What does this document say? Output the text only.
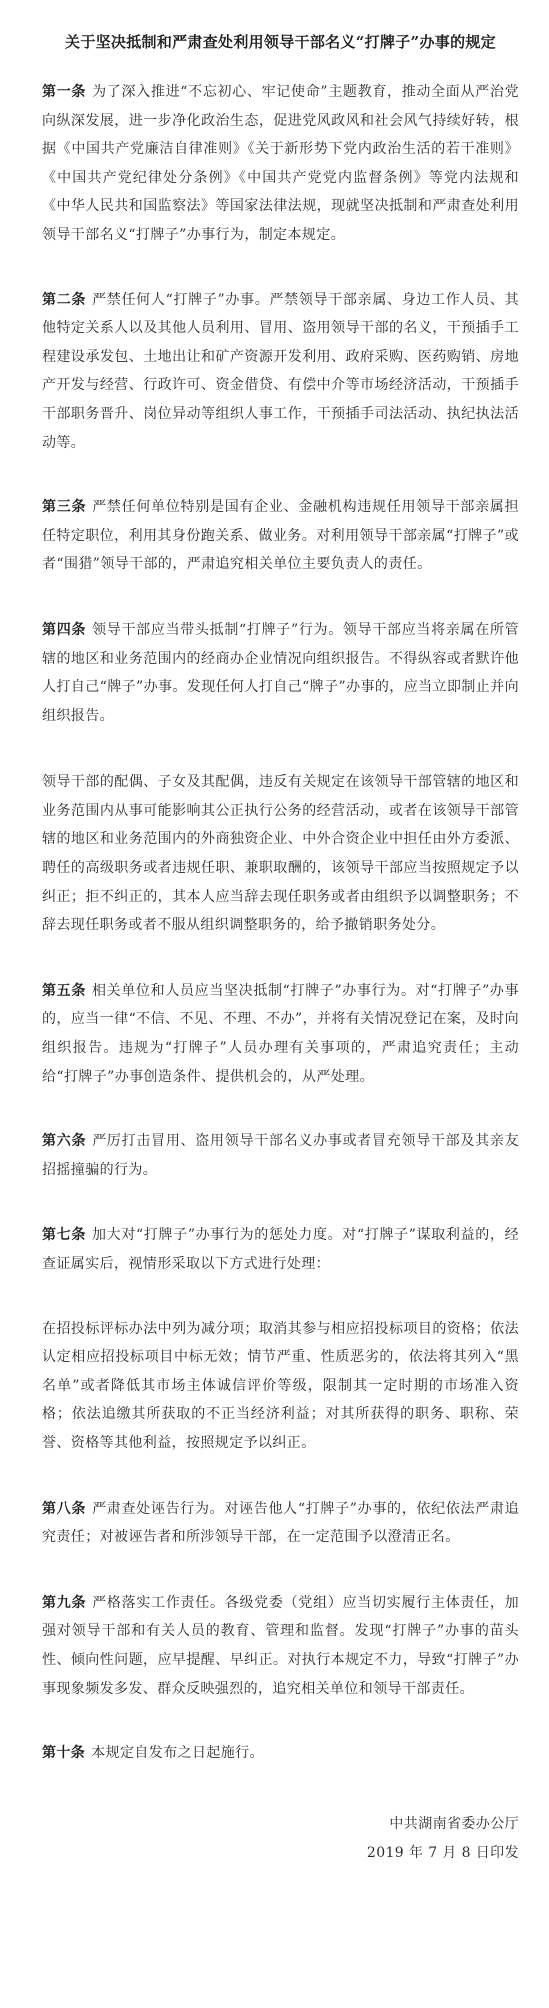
关于坚决抵制和严肃查处利用领导干部名义“打牌子”办事的规定

第一条 为了深入推进“不忘初心、牢记使命”主题教育，推动全面从严治党向纵深发展，进一步净化政治生态，促进党风政风和社会风气持续好转，根据《中国共产党廉洁自律准则》《关于新形势下党内政治生活的若干准则》《中国共产党纪律处分条例》《中国共产党党内监督条例》等党内法规和《中华人民共和国监察法》等国家法律法规，现就坚决抵制和严肃查处利用领导干部名义“打牌子”办事行为，制定本规定。

第二条 严禁任何人“打牌子”办事。严禁领导干部亲属、身边工作人员、其他特定关系人以及其他人员利用、冒用、盗用领导干部的名义，干预插手工程建设承发包、土地出让和矿产资源开发利用、政府采购、医药购销、房地产开发与经营、行政许可、资金借贷、有偿中介等市场经济活动，干预插手干部职务晋升、岗位异动等组织人事工作，干预插手司法活动、执纪执法活动等。

第三条 严禁任何单位特别是国有企业、金融机构违规任用领导干部亲属担任特定职位，利用其身份跑关系、做业务。对利用领导干部亲属“打牌子”或者“围猎”领导干部的，严肃追究相关单位主要负责人的责任。

第四条 领导干部应当带头抵制“打牌子”行为。领导干部应当将亲属在所管辖的地区和业务范围内的经商办企业情况向组织报告。不得纵容或者默许他人打自己“牌子”办事。发现任何人打自己“牌子”办事的，应当立即制止并向组织报告。

领导干部的配偶、子女及其配偶，违反有关规定在该领导干部管辖的地区和业务范围内从事可能影响其公正执行公务的经营活动，或者在该领导干部管辖的地区和业务范围内的外商独资企业、中外合资企业中担任由外方委派、聘任的高级职务或者违规任职、兼职取酬的，该领导干部应当按照规定予以纠正；拒不纠正的，其本人应当辞去现任职务或者由组织予以调整职务；不辞去现任职务或者不服从组织调整职务的，给予撤销职务处分。

第五条 相关单位和人员应当坚决抵制“打牌子”办事行为。对“打牌子”办事的，应当一律“不信、不见、不理、不办”，并将有关情况登记在案，及时向组织报告。违规为“打牌子”人员办理有关事项的，严肃追究责任；主动给“打牌子”办事创造条件、提供机会的，从严处理。

第六条 严厉打击冒用、盗用领导干部名义办事或者冒充领导干部及其亲友招摇撞骗的行为。

第七条 加大对“打牌子”办事行为的惩处力度。对“打牌子”谋取利益的，经查证属实后，视情形采取以下方式进行处理：

在招投标评标办法中列为减分项；取消其参与相应招投标项目的资格；依法认定相应招投标项目中标无效；情节严重、性质恶劣的，依法将其列入“黑名单”或者降低其市场主体诚信评价等级，限制其一定时期的市场准入资格；依法追缴其所获取的不正当经济利益；对其所获得的职务、职称、荣誉、资格等其他利益，按照规定予以纠正。

第八条 严肃查处诬告行为。对诬告他人“打牌子”办事的，依纪依法严肃追究责任；对被诬告者和所涉领导干部，在一定范围予以澄清正名。

第九条 严格落实工作责任。各级党委（党组）应当切实履行主体责任，加强对领导干部和有关人员的教育、管理和监督。发现“打牌子”办事的苗头性、倾向性问题，应早提醒、早纠正。对执行本规定不力，导致“打牌子”办事现象频发多发、群众反映强烈的，追究相关单位和领导干部责任。

第十条 本规定自发布之日起施行。

中共湖南省委办公厅
2019 年 7 月 8 日印发
